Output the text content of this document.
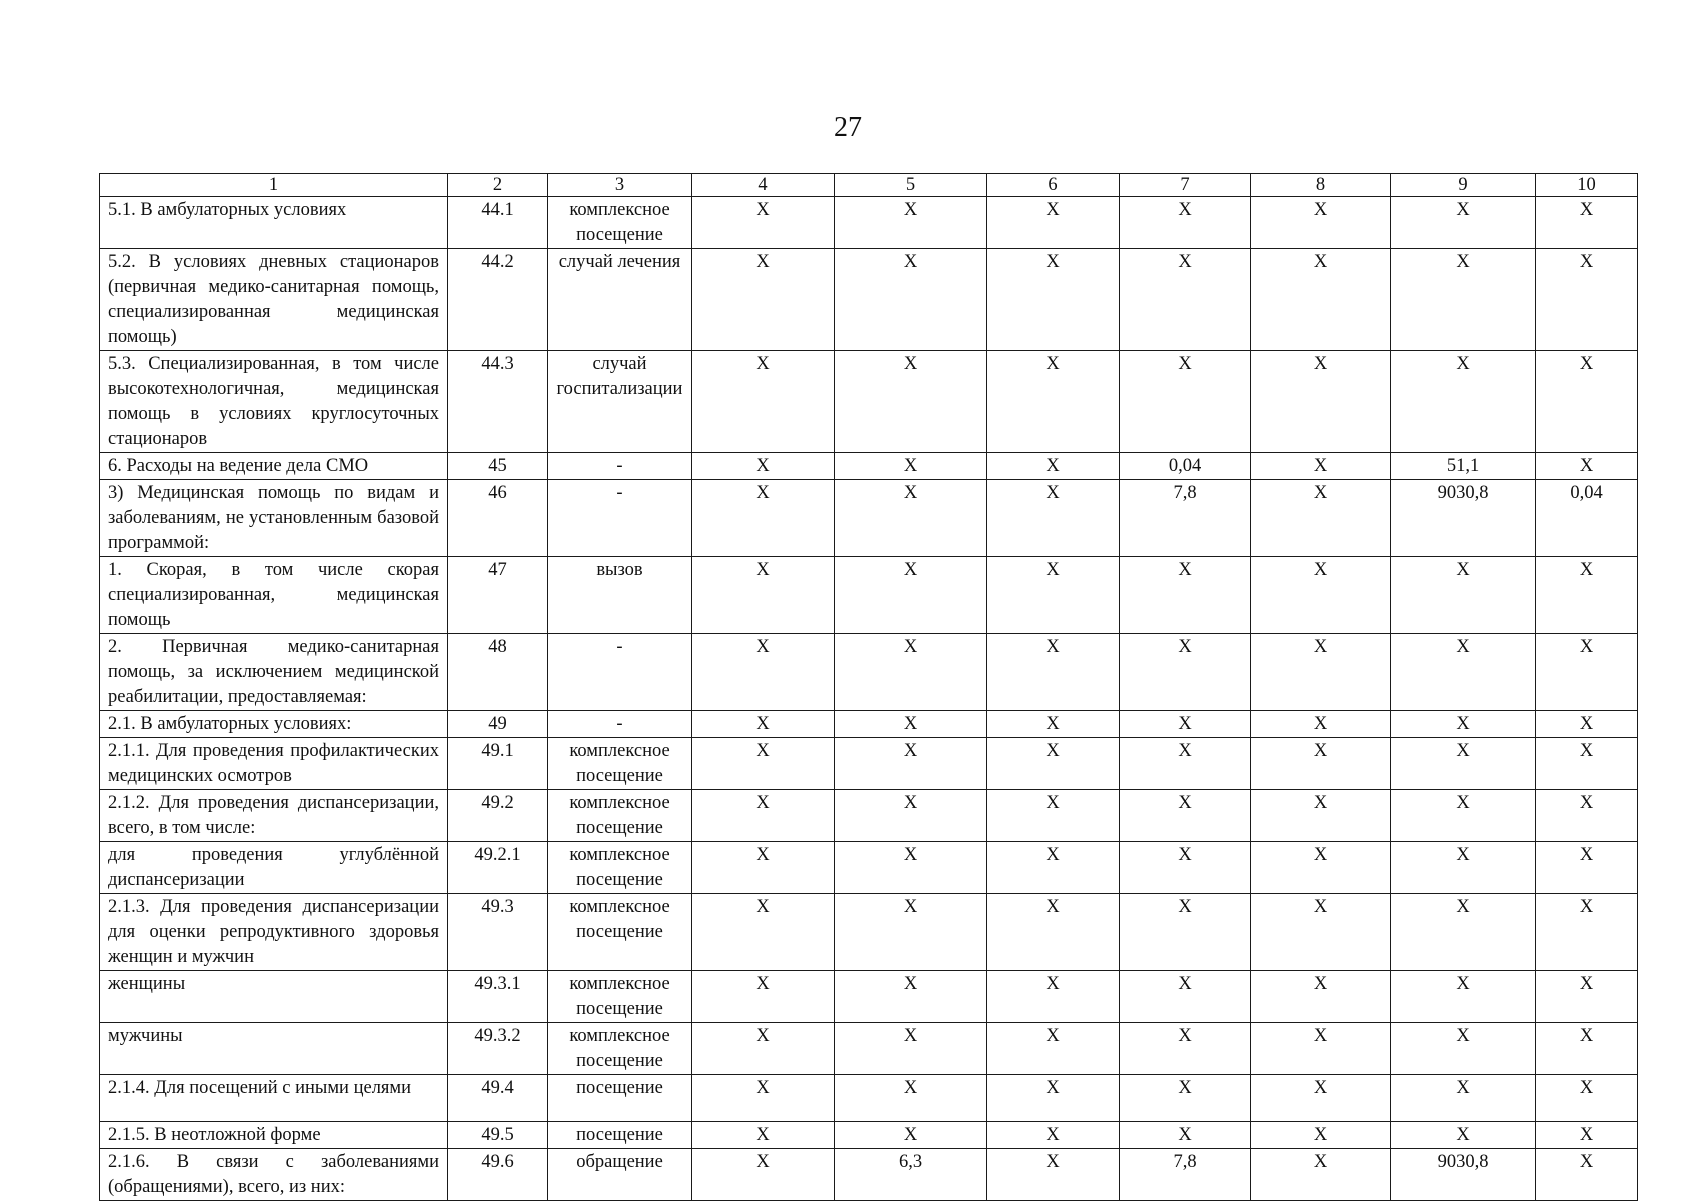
27
1	2	3	4	5	6	7	8	9	10
5.1. В амбулаторных условиях	44.1	комплексное посещение	X	X	X	X	X	X	X
5.2. В условиях дневных стационаров (первичная медико-санитарная помощь, специализированная медицинская помощь)	44.2	случай лечения	X	X	X	X	X	X	X
5.3. Специализированная, в том числе высокотехнологичная, медицинская помощь в условиях круглосуточных стационаров	44.3	случай госпитализации	X	X	X	X	X	X	X
6. Расходы на ведение дела СМО	45	-	X	X	X	0,04	X	51,1	X
3) Медицинская помощь по видам и заболеваниям, не установленным базовой программой:	46	-	X	X	X	7,8	X	9030,8	0,04
1. Скорая, в том числе скорая специализированная, медицинская помощь	47	вызов	X	X	X	X	X	X	X
2. Первичная медико-санитарная помощь, за исключением медицинской реабилитации, предоставляемая:	48	-	X	X	X	X	X	X	X
2.1. В амбулаторных условиях:	49	-	X	X	X	X	X	X	X
2.1.1. Для проведения профилактических медицинских осмотров	49.1	комплексное посещение	X	X	X	X	X	X	X
2.1.2. Для проведения диспансеризации, всего, в том числе:	49.2	комплексное посещение	X	X	X	X	X	X	X
для проведения углублённой диспансеризации	49.2.1	комплексное посещение	X	X	X	X	X	X	X
2.1.3. Для проведения диспансеризации для оценки репродуктивного здоровья женщин и мужчин	49.3	комплексное посещение	X	X	X	X	X	X	X
женщины	49.3.1	комплексное посещение	X	X	X	X	X	X	X
мужчины	49.3.2	комплексное посещение	X	X	X	X	X	X	X
2.1.4. Для посещений с иными целями	49.4	посещение	X	X	X	X	X	X	X
2.1.5. В неотложной форме	49.5	посещение	X	X	X	X	X	X	X
2.1.6. В связи с заболеваниями (обращениями), всего, из них:	49.6	обращение	X	6,3	X	7,8	X	9030,8	X
